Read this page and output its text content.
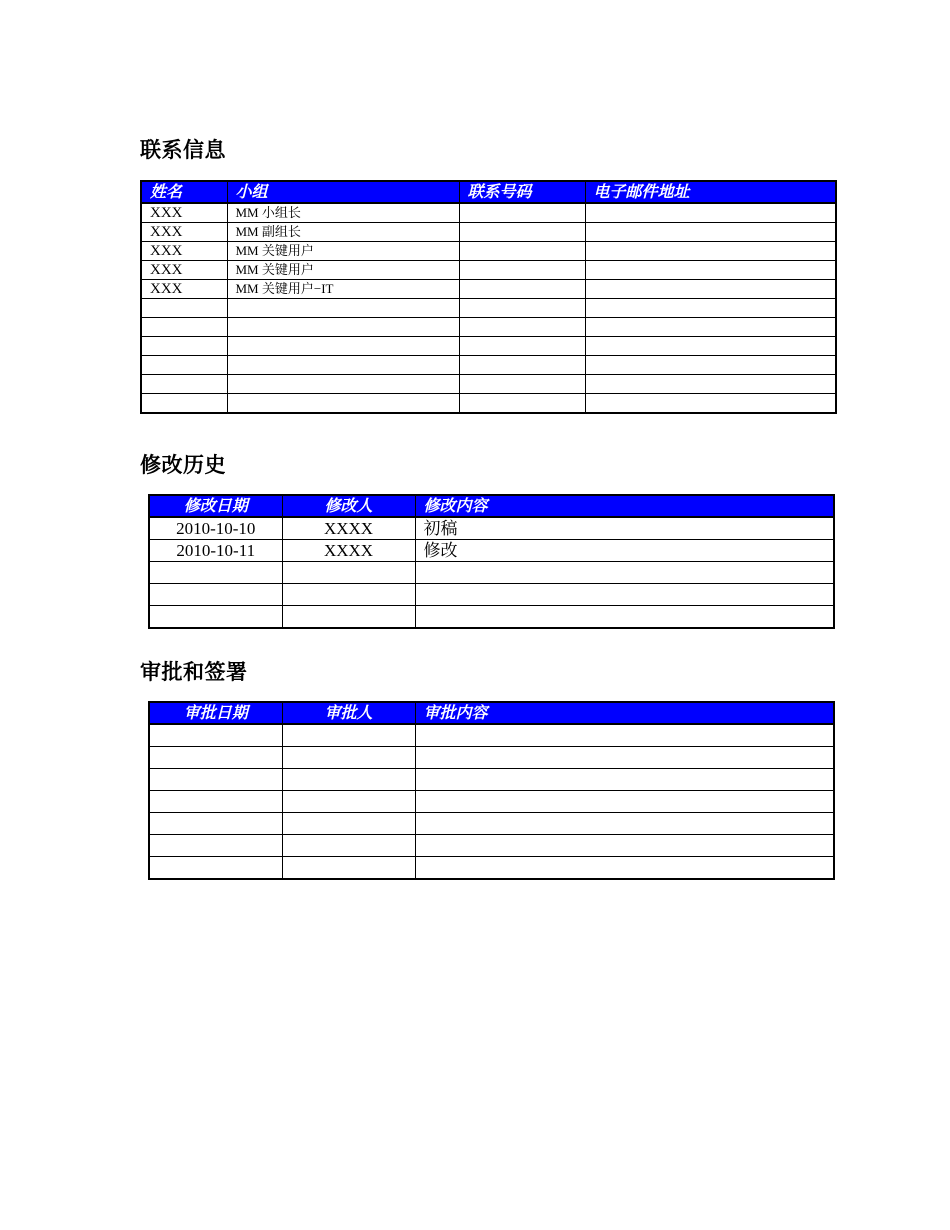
联系信息
姓名	小组	联系号码	电子邮件地址
XXX	MM 小组长		
XXX	MM 副组长		
XXX	MM 关键用户		
XXX	MM 关键用户		
XXX	MM 关键用户−IT		

修改历史
修改日期	修改人	修改内容
2010-10-10	XXXX	初稿
2010-10-11	XXXX	修改

审批和签署
审批日期	审批人	审批内容
